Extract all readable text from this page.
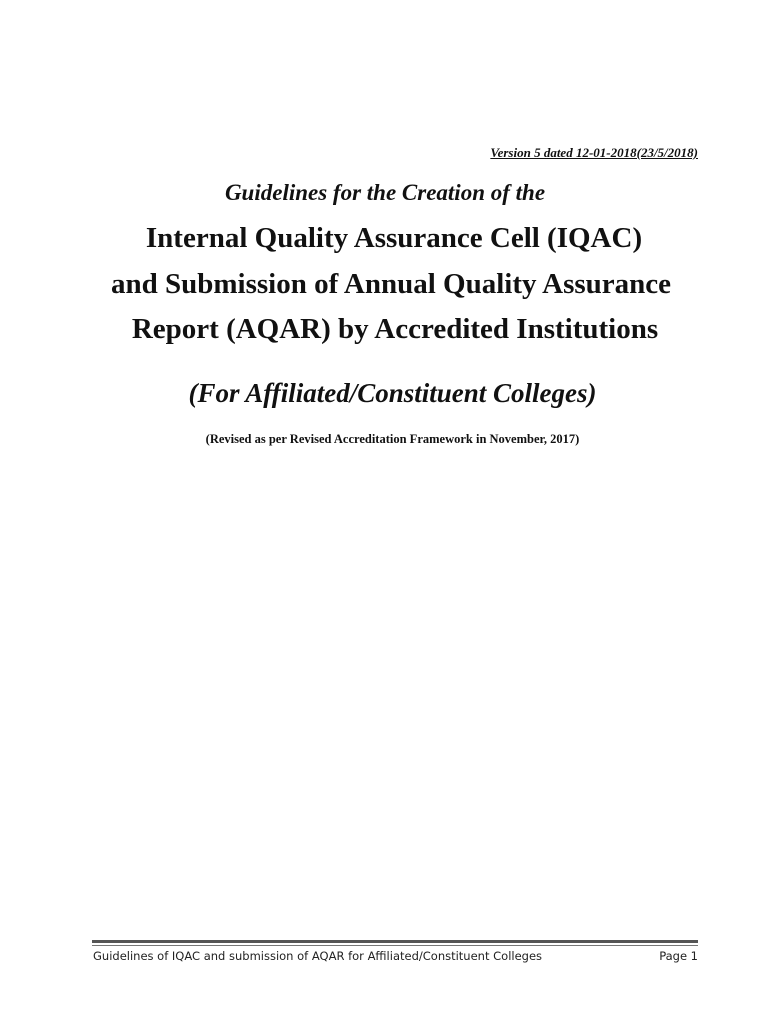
Version 5 dated 12-01-2018(23/5/2018)
Guidelines for the Creation of the
Internal Quality Assurance Cell (IQAC)
and Submission of Annual Quality Assurance
Report (AQAR) by Accredited Institutions
(For Affiliated/Constituent Colleges)
(Revised as per Revised Accreditation Framework in November, 2017)
Guidelines of IQAC and submission of AQAR for Affiliated/Constituent Colleges	Page 1
